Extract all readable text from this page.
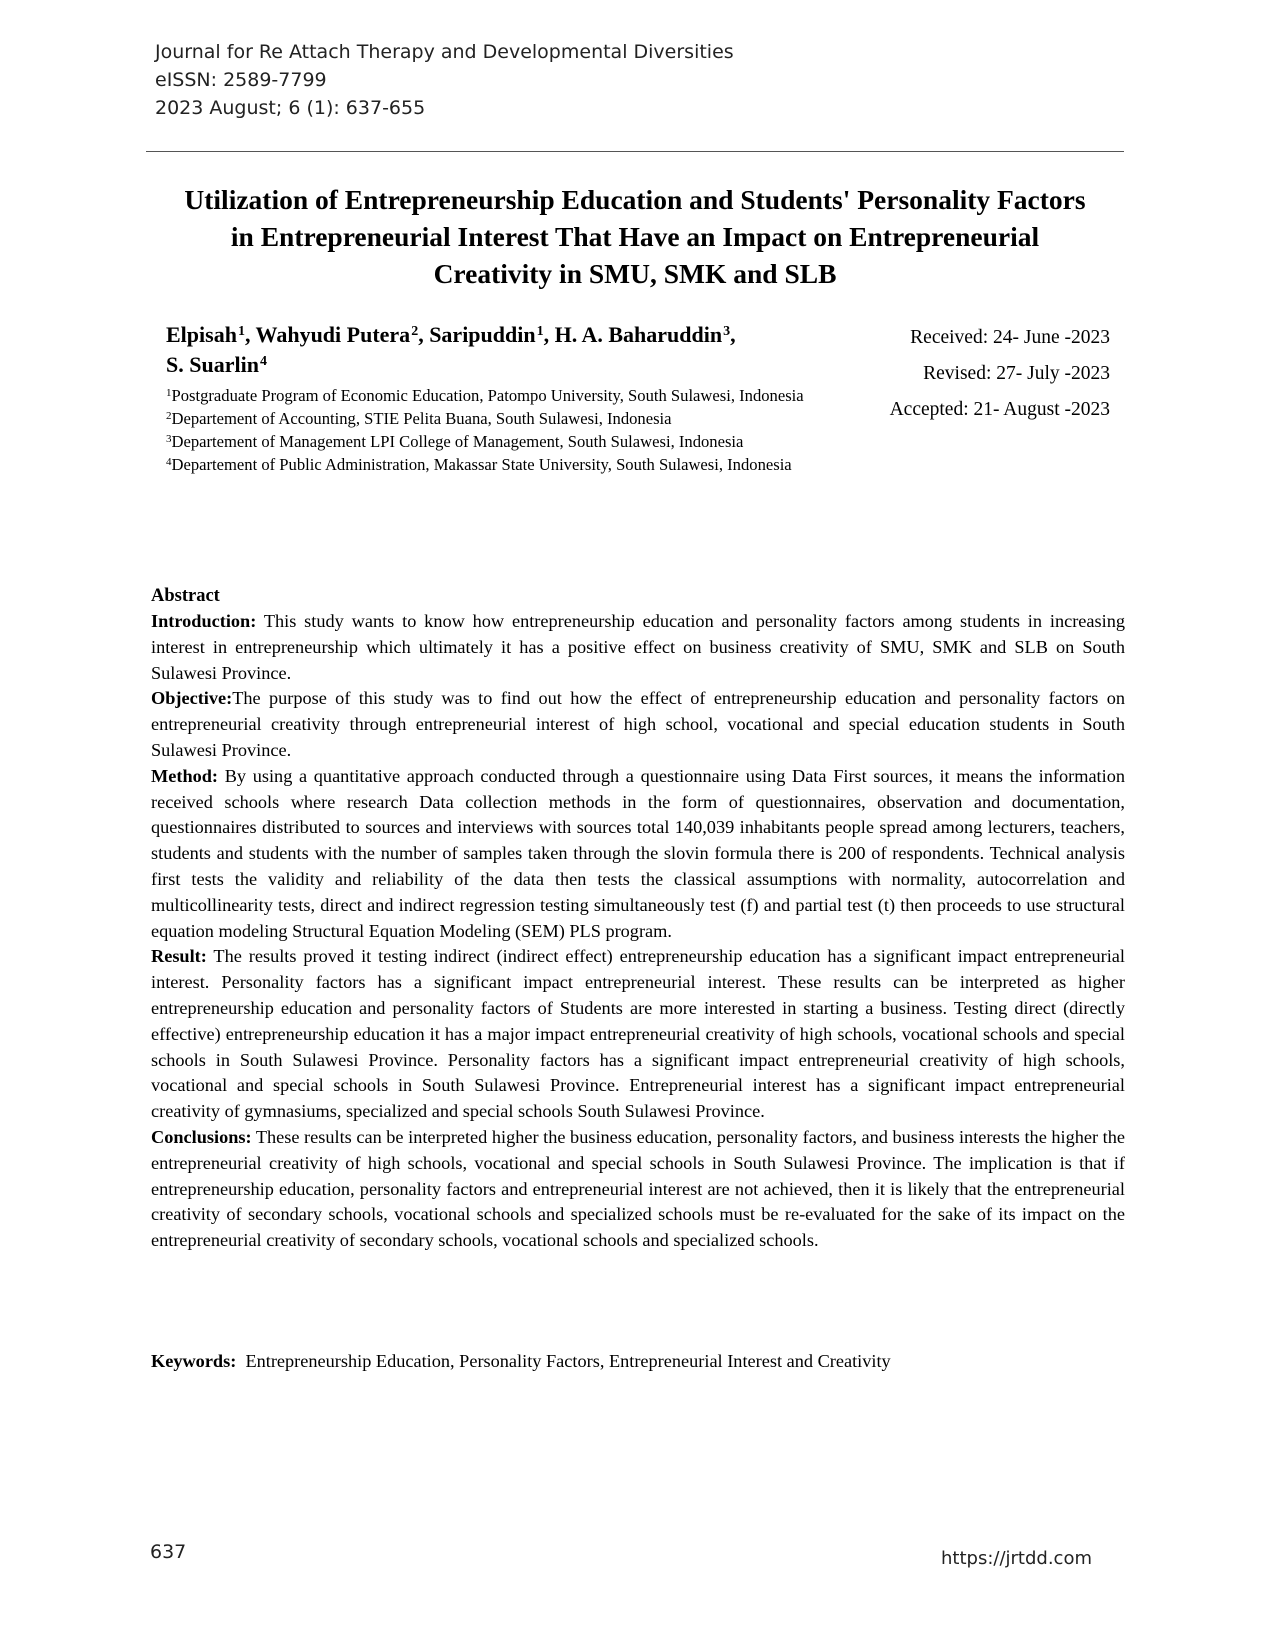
Journal for Re Attach Therapy and Developmental Diversities
eISSN: 2589-7799
2023 August; 6 (1): 637-655
Utilization of Entrepreneurship Education and Students' Personality Factors
in Entrepreneurial Interest That Have an Impact on Entrepreneurial
Creativity in SMU, SMK and SLB

Elpisah$^1$, Wahyudi Putera$^2$, Saripuddin$^1$, H. A. Baharuddin$^3$,
S. Suarlin$^4$

$^1$Postgraduate Program of Economic Education, Patompo University, South Sulawesi, Indonesia
$^2$Departement of Accounting, STIE Pelita Buana, South Sulawesi, Indonesia
$^3$Departement of Management LPI College of Management, South Sulawesi, Indonesia
$^4$Departement of Public Administration, Makassar State University, South Sulawesi, Indonesia
Received: 24- June -2023
Revised: 27- July -2023
Accepted: 21- August -2023

Abstract

Introduction: This study wants to know how entrepreneurship education and personality factors among students in increasing interest in entrepreneurship which ultimately it has a positive effect on business creativity of SMU, SMK and SLB on South Sulawesi Province.

Objective:The purpose of this study was to find out how the effect of entrepreneurship education and personality factors on entrepreneurial creativity through entrepreneurial interest of high school, vocational and special education students in South Sulawesi Province.

Method: By using a quantitative approach conducted through a questionnaire using Data First sources, it means the information received schools where research Data collection methods in the form of questionnaires, observation and documentation, questionnaires distributed to sources and interviews with sources total 140,039 inhabitants people spread among lecturers, teachers, students and students with the number of samples taken through the slovin formula there is 200 of respondents. Technical analysis first tests the validity and reliability of the data then tests the classical assumptions with normality, autocorrelation and multicollinearity tests, direct and indirect regression testing simultaneously test (f) and partial test (t) then proceeds to use structural equation modeling Structural Equation Modeling (SEM) PLS program.

Result: The results proved it testing indirect (indirect effect) entrepreneurship education has a significant impact entrepreneurial interest. Personality factors has a significant impact entrepreneurial interest. These results can be interpreted as higher entrepreneurship education and personality factors of Students are more interested in starting a business. Testing direct (directly effective) entrepreneurship education it has a major impact entrepreneurial creativity of high schools, vocational schools and special schools in South Sulawesi Province. Personality factors has a significant impact entrepreneurial creativity of high schools, vocational and special schools in South Sulawesi Province. Entrepreneurial interest has a significant impact entrepreneurial creativity of gymnasiums, specialized and special schools South Sulawesi Province.

Conclusions: These results can be interpreted higher the business education, personality factors, and business interests the higher the entrepreneurial creativity of high schools, vocational and special schools in South Sulawesi Province. The implication is that if entrepreneurship education, personality factors and entrepreneurial interest are not achieved, then it is likely that the entrepreneurial creativity of secondary schools, vocational schools and specialized schools must be re-evaluated for the sake of its impact on the entrepreneurial creativity of secondary schools, vocational schools and specialized schools.

Keywords:  Entrepreneurship Education, Personality Factors, Entrepreneurial Interest and Creativity
637	https://jrtdd.com
